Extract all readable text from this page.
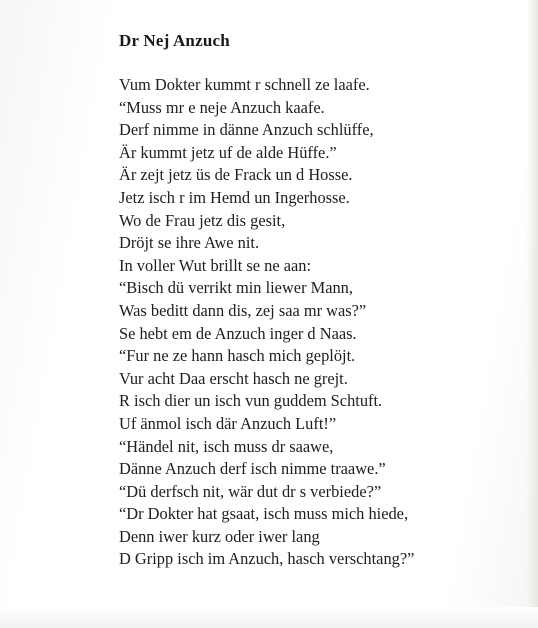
Dr Nej Anzuch
Vum Dokter kummt r schnell ze laafe.
“Muss mr e neje Anzuch kaafe.
Derf nimme in dänne Anzuch schlüffe,
Är kummt jetz uf de alde Hüffe.”
Är zejt jetz üs de Frack un d Hosse.
Jetz isch r im Hemd un Ingerhosse.
Wo de Frau jetz dis gesit,
Dröjt se ihre Awe nit.
In voller Wut brillt se ne aan:
“Bisch dü verrikt min liewer Mann,
Was beditt dann dis, zej saa mr was?”
Se hebt em de Anzuch inger d Naas.
“Fur ne ze hann hasch mich geplöjt.
Vur acht Daa erscht hasch ne grejt.
R isch dier un isch vun guddem Schtuft.
Uf änmol isch där Anzuch Luft!”
“Händel nit, isch muss dr saawe,
Dänne Anzuch derf isch nimme traawe.”
“Dü derfsch nit, wär dut dr s verbiede?”
“Dr Dokter hat gsaat, isch muss mich hiede,
Denn iwer kurz oder iwer lang
D Gripp isch im Anzuch, hasch verschtang?”
